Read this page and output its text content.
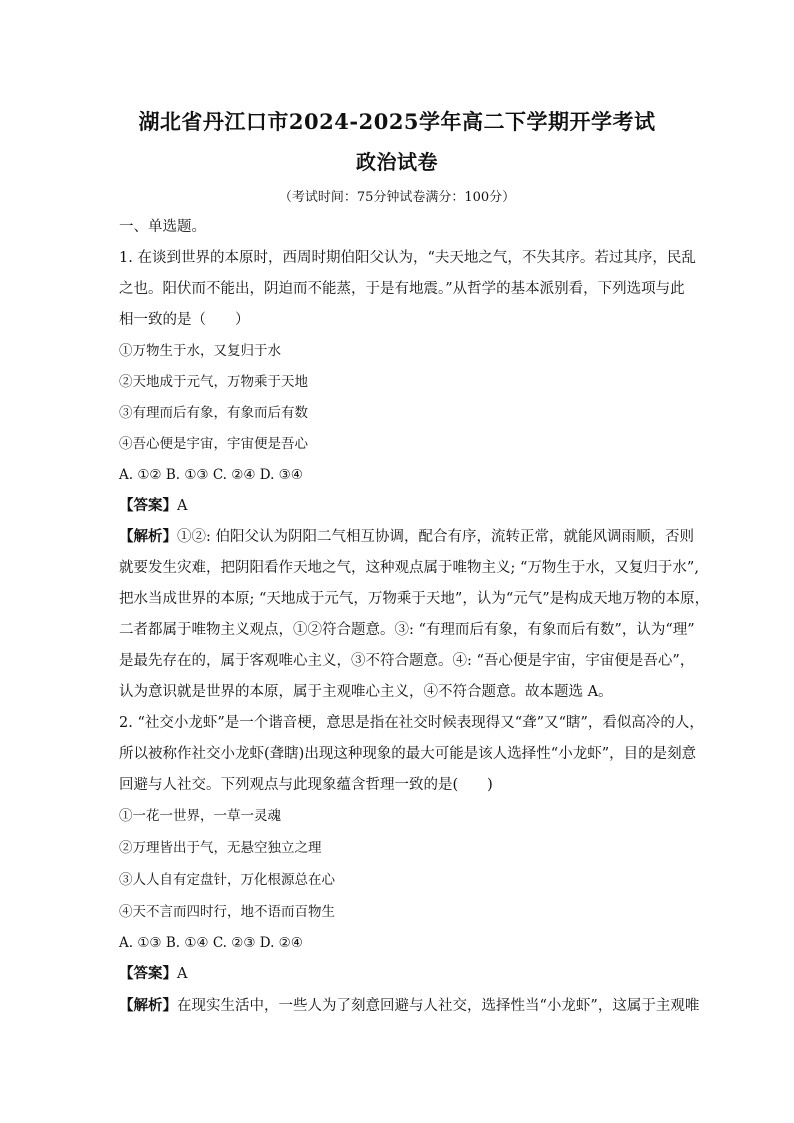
湖北省丹江口市2024-2025学年高二下学期开学考试
政治试卷
（考试时间：75分钟试卷满分：100分）
一、单选题。
1. 在谈到世界的本原时，西周时期伯阳父认为，“夫天地之气，不失其序。若过其序，民乱
之也。阳伏而不能出，阴迫而不能蒸，于是有地震。”从哲学的基本派别看，下列选项与此
相一致的是（　　）
①万物生于水，又复归于水
②天地成于元气，万物乘于天地
③有理而后有象，有象而后有数
④吾心便是宇宙，宇宙便是吾心
A. ①② B. ①③ C. ②④ D. ③④
【答案】A
【解析】①②: 伯阳父认为阴阳二气相互协调，配合有序，流转正常，就能风调雨顺，否则
就要发生灾难，把阴阳看作天地之气，这种观点属于唯物主义; “万物生于水，又复归于水”,
把水当成世界的本原; “天地成于元气，万物乘于天地”，认为“元气”是构成天地万物的本原，
二者都属于唯物主义观点，①②符合题意。③: “有理而后有象，有象而后有数”，认为“理”
是最先存在的，属于客观唯心主义，③不符合题意。④: “吾心便是宇宙，宇宙便是吾心”，
认为意识就是世界的本原，属于主观唯心主义，④不符合题意。故本题选 A。
2. “社交小龙虾”是一个谐音梗，意思是指在社交时候表现得又“聋”又“瞎”，看似高冷的人，
所以被称作社交小龙虾(聋瞎)出现这种现象的最大可能是该人选择性“小龙虾”，目的是刻意
回避与人社交。下列观点与此现象蕴含哲理一致的是(　　)
①一花一世界，一草一灵魂
②万理皆出于气，无悬空独立之理
③人人自有定盘针，万化根源总在心
④天不言而四时行，地不语而百物生
A. ①③ B. ①④ C. ②③ D. ②④
【答案】A
【解析】在现实生活中，一些人为了刻意回避与人社交，选择性当“小龙虾”，这属于主观唯
